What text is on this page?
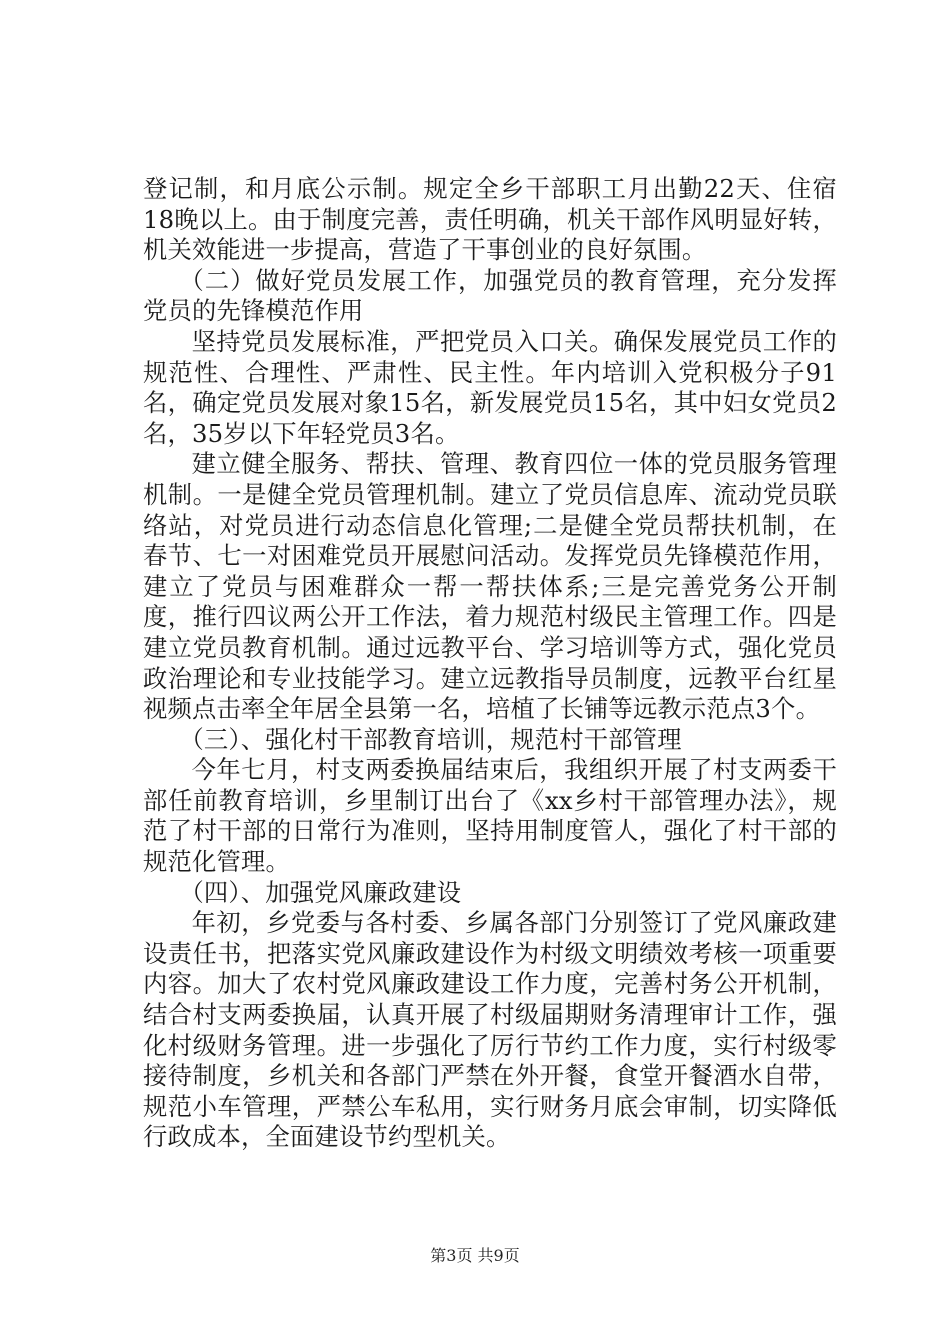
登记制，和月底公示制。规定全乡干部职工月出勤22天、住宿18晚以上。由于制度完善，责任明确，机关干部作风明显好转，机关效能进一步提高，营造了干事创业的良好氛围。

（二）做好党员发展工作，加强党员的教育管理，充分发挥党员的先锋模范作用

坚持党员发展标准，严把党员入口关。确保发展党员工作的规范性、合理性、严肃性、民主性。年内培训入党积极分子91名，确定党员发展对象15名，新发展党员15名，其中妇女党员2名，35岁以下年轻党员3名。

建立健全服务、帮扶、管理、教育四位一体的党员服务管理机制。一是健全党员管理机制。建立了党员信息库、流动党员联络站，对党员进行动态信息化管理;二是健全党员帮扶机制，在春节、七一对困难党员开展慰问活动。发挥党员先锋模范作用，建立了党员与困难群众一帮一帮扶体系;三是完善党务公开制度，推行四议两公开工作法，着力规范村级民主管理工作。四是建立党员教育机制。通过远教平台、学习培训等方式，强化党员政治理论和专业技能学习。建立远教指导员制度，远教平台红星视频点击率全年居全县第一名，培植了长铺等远教示范点3个。

（三）、强化村干部教育培训，规范村干部管理

今年七月，村支两委换届结束后，我组织开展了村支两委干部任前教育培训，乡里制订出台了《xx乡村干部管理办法》，规范了村干部的日常行为准则，坚持用制度管人，强化了村干部的规范化管理。

（四）、加强党风廉政建设

年初，乡党委与各村委、乡属各部门分别签订了党风廉政建设责任书，把落实党风廉政建设作为村级文明绩效考核一项重要内容。加大了农村党风廉政建设工作力度，完善村务公开机制，结合村支两委换届，认真开展了村级届期财务清理审计工作，强化村级财务管理。进一步强化了厉行节约工作力度，实行村级零接待制度，乡机关和各部门严禁在外开餐，食堂开餐酒水自带，规范小车管理，严禁公车私用，实行财务月底会审制，切实降低行政成本，全面建设节约型机关。

第3页 共9页
